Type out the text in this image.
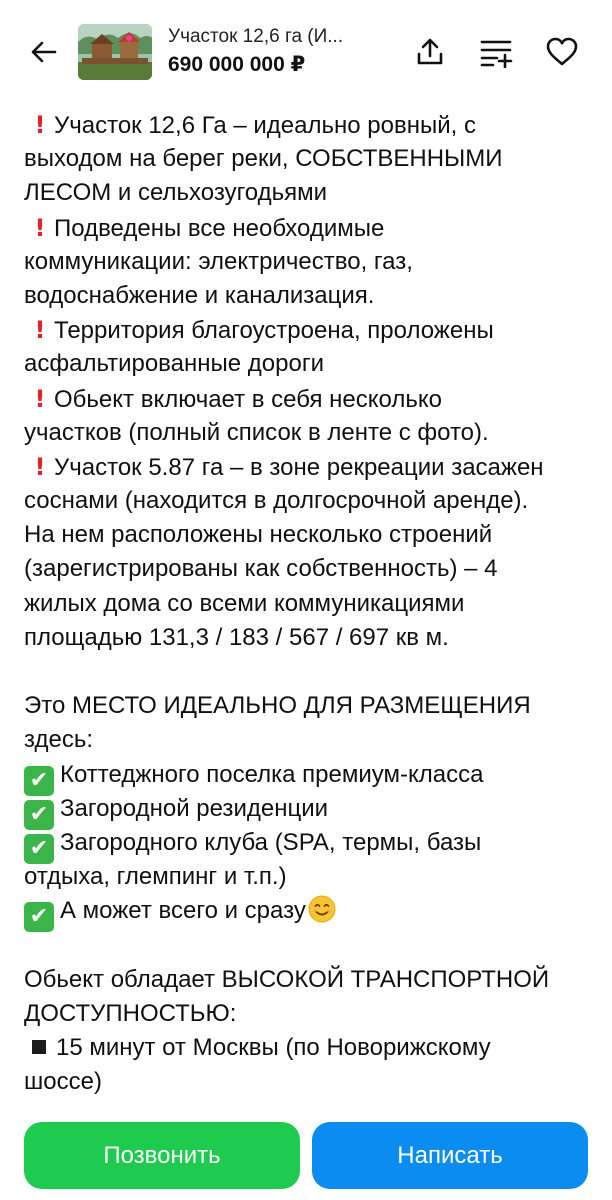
Участок 12,6 га (И...
690 000 000 ₽
! Участок 12,6 Га – идеально ровный, с
выходом на берег реки, СОБСТВЕННЫМИ
ЛЕСОМ и сельхозугодьями
! Подведены все необходимые
коммуникации: электричество, газ,
водоснабжение и канализация.
! Территория благоустроена, проложены
асфальтированные дороги
! Обьект включает в себя несколько
участков (полный список в ленте с фото).
! Участок 5.87 га – в зоне рекреации засажен
соснами (находится в долгосрочной аренде).
На нем расположены несколько строений
(зарегистрированы как собственность) – 4
жилых дома со всеми коммуникациями
площадью 131,3 / 183 / 567 / 697 кв м.
Это МЕСТО ИДЕАЛЬНО ДЛЯ РАЗМЕЩЕНИЯ
здесь:
✔ Коттеджного поселка премиум-класса
✔ Загородной резиденции
✔ Загородного клуба (SPA, термы, базы
отдыха, глемпинг и т.п.)
✔ А может всего и сразу
Обьект обладает ВЫСОКОЙ ТРАНСПОРТНОЙ
ДОСТУПНОСТЬЮ:
15 минут от Москвы (по Новорижскому
шоссе)
Позвонить	Написать
